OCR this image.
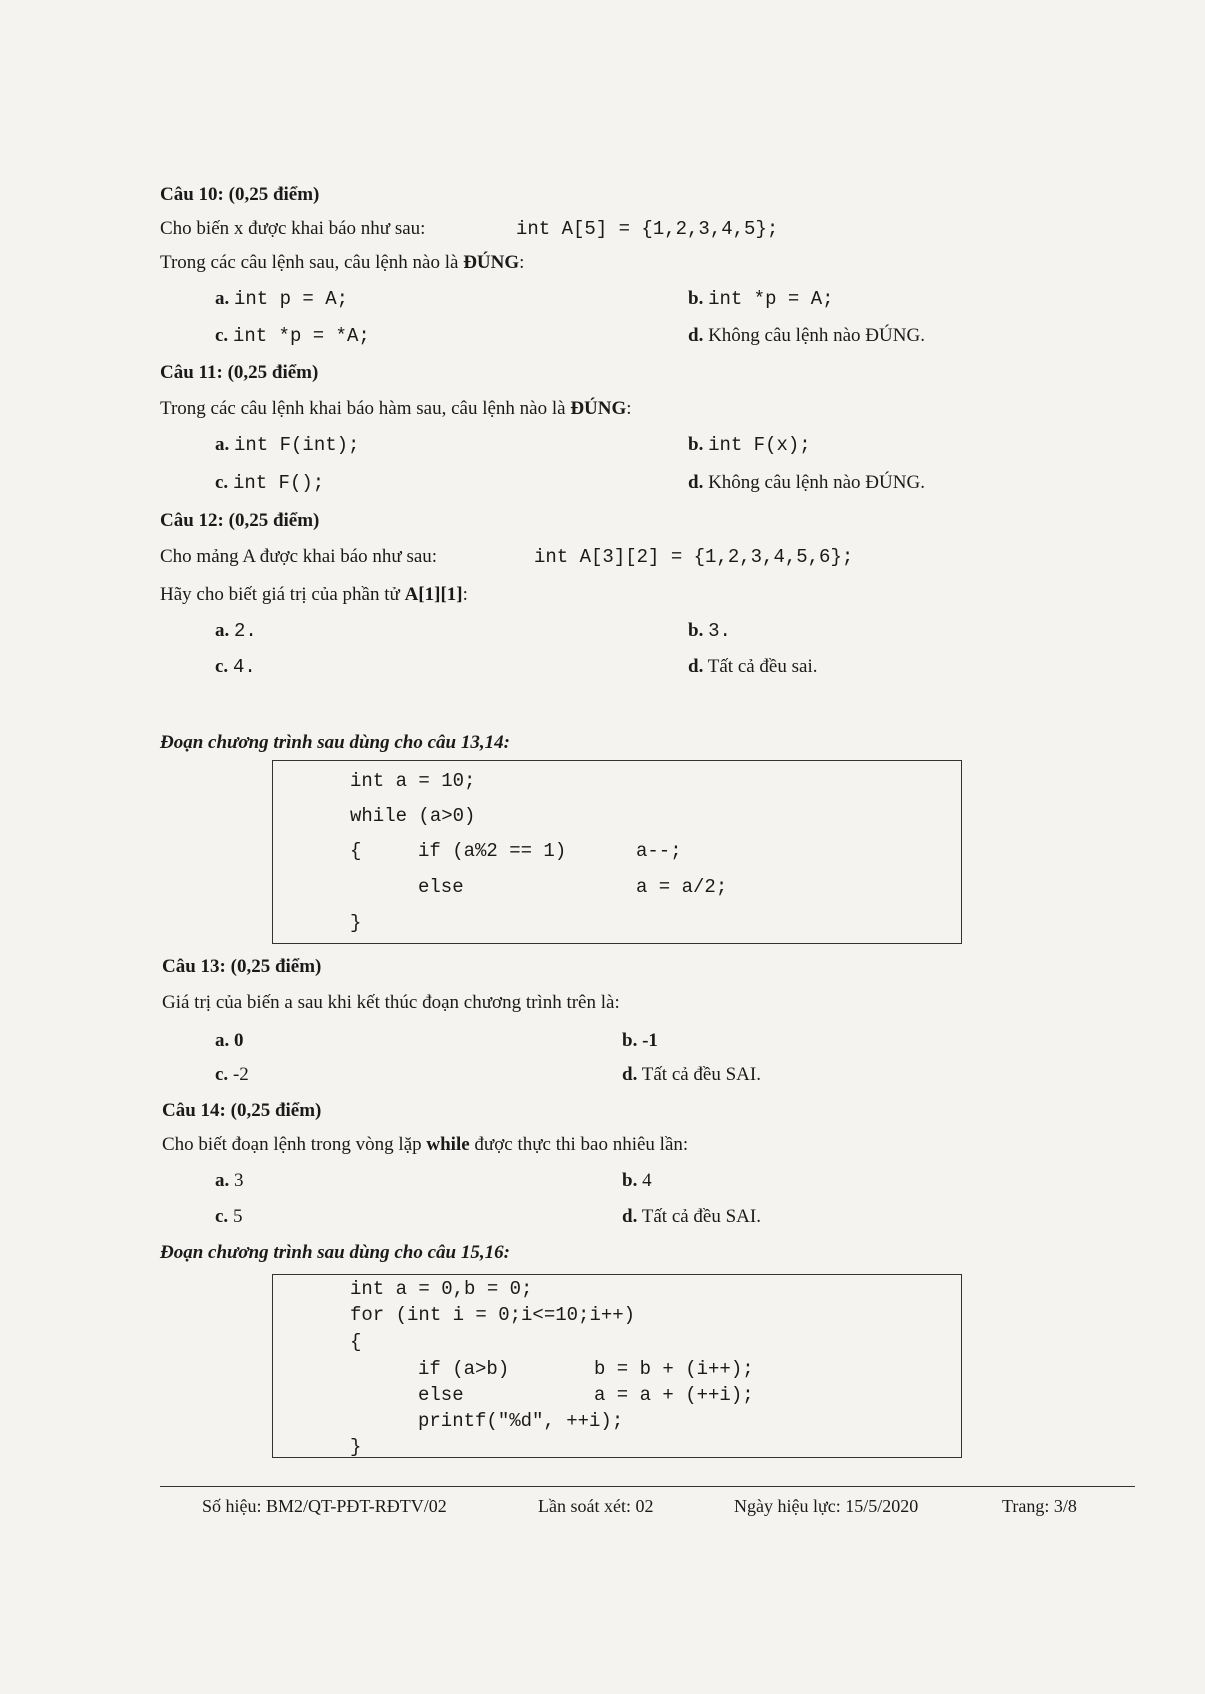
Câu 10: (0,25 điểm)
Cho biến x được khai báo như sau:	int A[5] = {1,2,3,4,5};
Trong các câu lệnh sau, câu lệnh nào là ĐÚNG:
a. int p = A;	b. int *p = A;
c. int *p = *A;	d. Không câu lệnh nào ĐÚNG.
Câu 11: (0,25 điểm)
Trong các câu lệnh khai báo hàm sau, câu lệnh nào là ĐÚNG:
a. int F(int);	b. int F(x);
c. int F();	d. Không câu lệnh nào ĐÚNG.
Câu 12: (0,25 điểm)
Cho mảng A được khai báo như sau:	int A[3][2] = {1,2,3,4,5,6};
Hãy cho biết giá trị của phần tử A[1][1]:
a. 2.	b. 3.
c. 4.	d. Tất cả đều sai.
Đoạn chương trình sau dùng cho câu 13,14:
int a = 10;
while (a>0)
{	if (a%2 == 1)	a--;
else	a = a/2;
}
Câu 13: (0,25 điểm)
Giá trị của biến a sau khi kết thúc đoạn chương trình trên là:
a. 0	b. -1
c. -2	d. Tất cả đều SAI.
Câu 14: (0,25 điểm)
Cho biết đoạn lệnh trong vòng lặp while được thực thi bao nhiêu lần:
a. 3	b. 4
c. 5	d. Tất cả đều SAI.
Đoạn chương trình sau dùng cho câu 15,16:
int a = 0,b = 0;
for (int i = 0;i<=10;i++)
{
if (a>b)	b = b + (i++);
else	a = a + (++i);
printf("%d", ++i);
}
Số hiệu: BM2/QT-PĐT-RĐTV/02	Lần soát xét: 02	Ngày hiệu lực: 15/5/2020	Trang: 3/8
